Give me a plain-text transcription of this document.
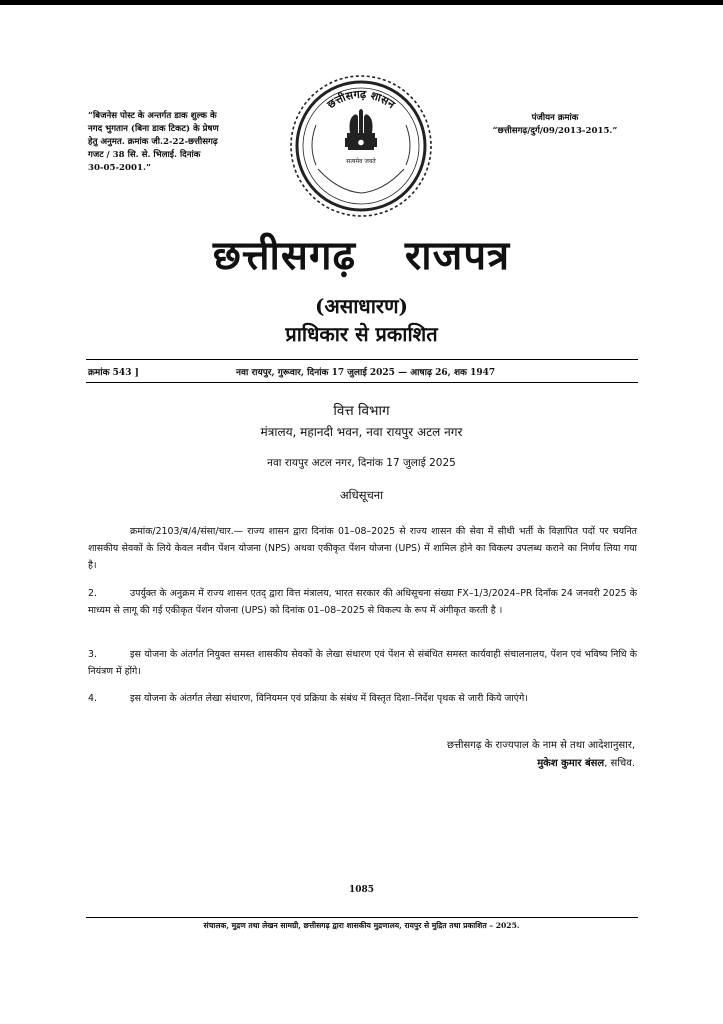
“बिजनेस पोस्ट के अन्तर्गत डाक शुल्क के
नगद भुगतान (बिना डाक टिकट) के प्रेषण
हेतु अनुमत. क्रमांक जी.2-22-छत्तीसगढ़
गजट / 38 सि. से. भिलाई. दिनांक
30-05-2001.”
पंजीयन क्रमांक
“छत्तीसगढ़/दुर्ग/09/2013-2015.”
छत्तीसगढ़ शासन
सत्यमेव जयते
छत्तीसगढ़ राजपत्र
(असाधारण)
प्राधिकार से प्रकाशित
क्रमांक 543 ]	नवा रायपुर, गुरूवार, दिनांक 17 जुलाई 2025 — आषाढ़ 26, शक 1947
वित्त विभाग
मंत्रालय, महानदी भवन, नवा रायपुर अटल नगर
नवा रायपुर अटल नगर, दिनांक 17 जुलाई 2025
अधिसूचना
क्रमांक/2103/ब/4/संसा/चार.— राज्य शासन द्वारा दिनांक 01–08–2025 से राज्य शासन की सेवा में सीधी भर्ती के विज्ञापित पदों पर चयनित शासकीय सेवकों के लिये केवल नवीन पेंशन योजना (NPS) अथवा एकीकृत पेंशन योजना (UPS) में शामिल होने का विकल्प उपलब्ध कराने का निर्णय लिया गया है।
2.	उपर्युक्त के अनुक्रम में राज्य शासन एतद् द्वारा वित्त मंत्रालय, भारत सरकार की अधिसूचना संख्या FX–1/3/2024–PR दिनाँक 24 जनवरी 2025 के माध्यम से लागू की गई एकीकृत पेंशन योजना (UPS) को दिनांक 01–08–2025 से विकल्प के रूप में अंगीकृत करती है ।
3.	इस योजना के अंतर्गत नियुक्त समस्त शासकीय सेवकों के लेखा संधारण एवं पेंशन से संबंधित समस्त कार्यवाही संचालनालय, पेंशन एवं भविष्य निधि के नियंत्रण में होंगे।
4.	इस योजना के अंतर्गत लेखा संधारण, विनियमन एवं प्रक्रिया के संबंध में विस्तृत दिशा–निर्देश पृथक से जारी किये जाएंगे।
छत्तीसगढ़ के राज्यपाल के नाम से तथा आदेशानुसार,
मुकेश कुमार बंसल, सचिव.
1085
संचालक, मुद्रण तथा लेखन सामग्री, छत्तीसगढ़ द्वारा शासकीय मुद्रणालय, रायपुर से मुद्रित तथा प्रकाशित – 2025.
